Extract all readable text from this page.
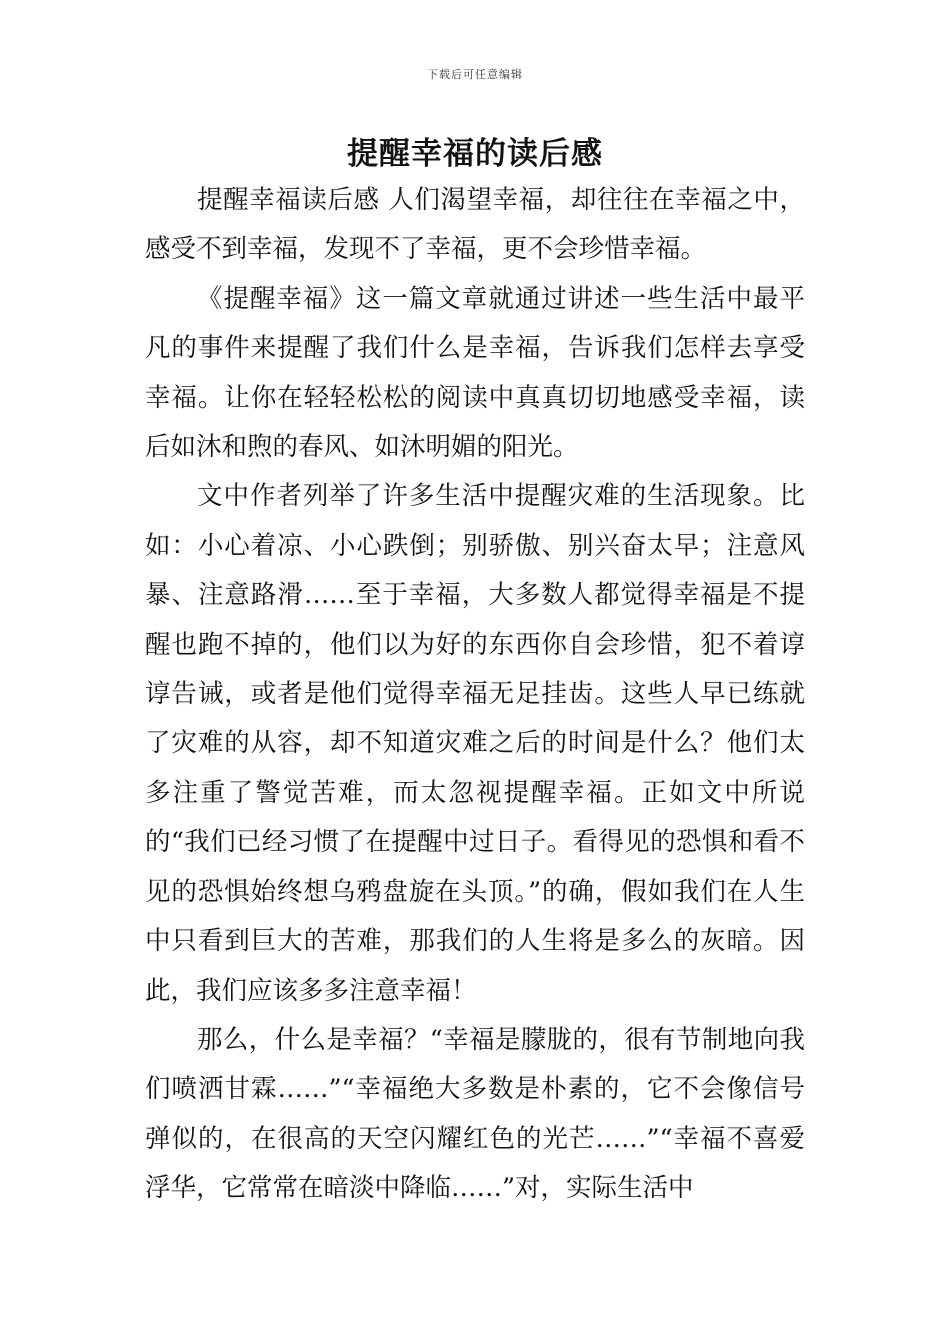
下载后可任意编辑
提醒幸福的读后感

提醒幸福读后感 人们渴望幸福，却往往在幸福之中，感受不到幸福，发现不了幸福，更不会珍惜幸福。

《提醒幸福》这一篇文章就通过讲述一些生活中最平凡的事件来提醒了我们什么是幸福，告诉我们怎样去享受幸福。让你在轻轻松松的阅读中真真切切地感受幸福，读后如沐和煦的春风、如沐明媚的阳光。

文中作者列举了许多生活中提醒灾难的生活现象。比如：小心着凉、小心跌倒；别骄傲、别兴奋太早；注意风暴、注意路滑……至于幸福，大多数人都觉得幸福是不提醒也跑不掉的，他们以为好的东西你自会珍惜，犯不着谆谆告诫，或者是他们觉得幸福无足挂齿。这些人早已练就了灾难的从容，却不知道灾难之后的时间是什么？他们太多注重了警觉苦难，而太忽视提醒幸福。正如文中所说的“我们已经习惯了在提醒中过日子。看得见的恐惧和看不见的恐惧始终想乌鸦盘旋在头顶。”的确，假如我们在人生中只看到巨大的苦难，那我们的人生将是多么的灰暗。因此，我们应该多多注意幸福！

那么，什么是幸福？“幸福是朦胧的，很有节制地向我们喷洒甘霖……”“幸福绝大多数是朴素的，它不会像信号弹似的，在很高的天空闪耀红色的光芒……”“幸福不喜爱浮华，它常常在暗淡中降临……”对，实际生活中
